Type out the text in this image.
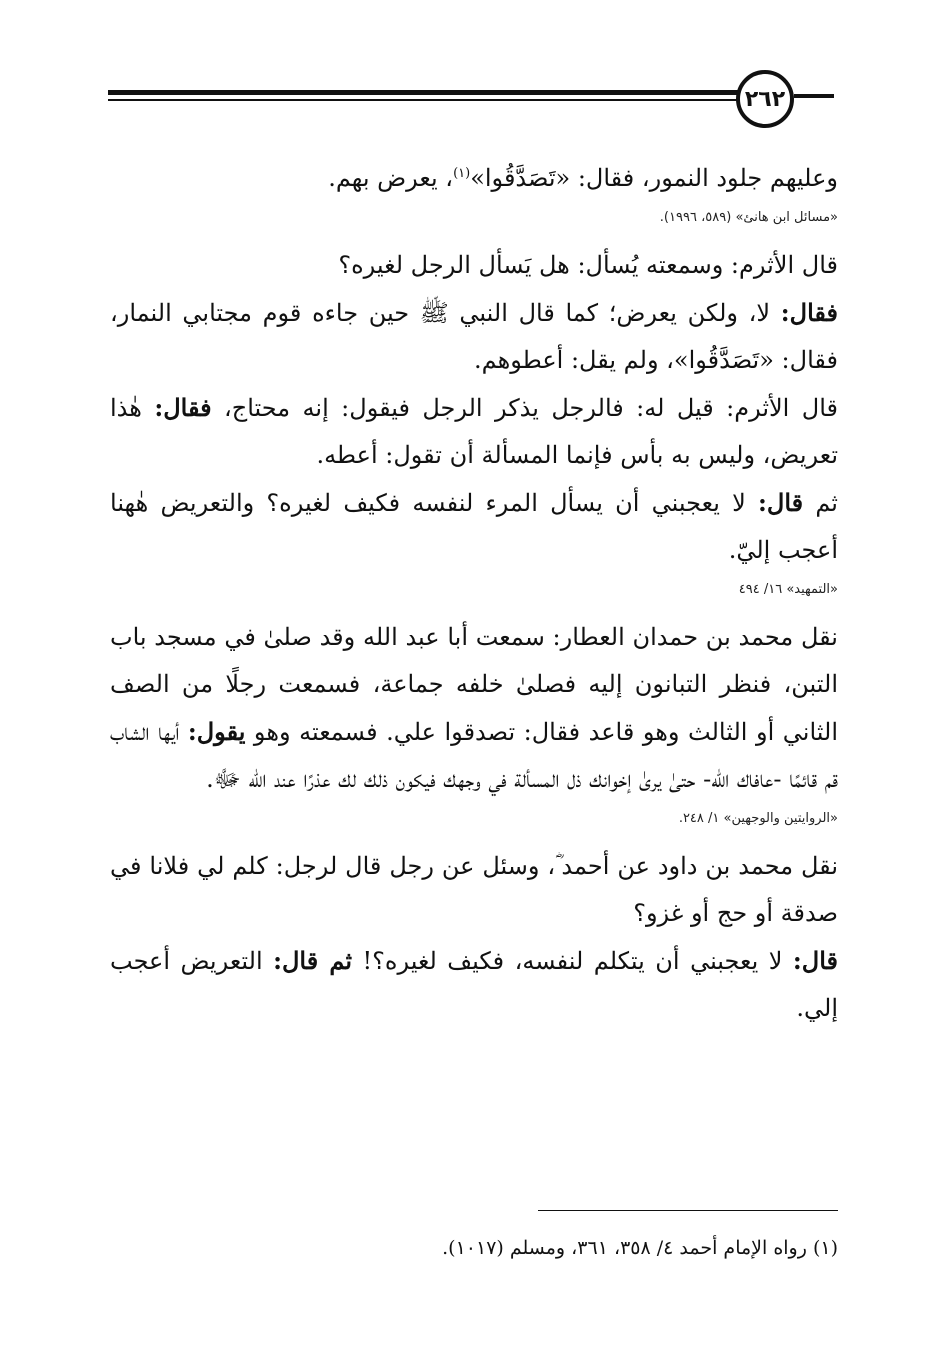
٢٦٢

وعليهم جلود النمور، فقال: «تَصَدَّقُوا»$^{(١)}$، يعرض بهم.

«مسائل ابن هانئ» (٥٨٩، ١٩٩٦).

قال الأثرم: وسمعته يُسأل: هل يَسأل الرجل لغيره؟

فقال: لا، ولكن يعرض؛ كما قال النبي ﷺ حين جاءه قوم مجتابي النمار، فقال: «تَصَدَّقُوا»، ولم يقل: أعطوهم.

قال الأثرم: قيل له: فالرجل يذكر الرجل فيقول: إنه محتاج، فقال: هٰذا تعريض، وليس به بأس فإنما المسألة أن تقول: أعطه.

ثم قال: لا يعجبني أن يسأل المرء لنفسه فكيف لغيره؟ والتعريض هٰهنا أعجب إليّ.

«التمهيد» ١٦/ ٤٩٤

نقل محمد بن حمدان العطار: سمعت أبا عبد الله وقد صلىٰ في مسجد باب التبن، فنظر التبانون إليه فصلىٰ خلفه جماعة، فسمعت رجلًا من الصف الثاني أو الثالث وهو قاعد فقال: تصدقوا علي. فسمعته وهو يقول: أيها الشاب قم قائمًا -عافاك الله- حتىٰ يرىٰ إخوانك ذل المسألة في وجهك فيكون ذلك لك عذرًا عند الله ﷻ.

«الروايتين والوجهين» ١/ ٢٤٨.

نقل محمد بن داود عن أحمد ؓ، وسئل عن رجل قال لرجل: كلم لي فلانا في صدقة أو حج أو غزو؟

قال: لا يعجبني أن يتكلم لنفسه، فكيف لغيره؟! ثم قال: التعريض أعجب إلي.

(١) رواه الإمام أحمد ٤/ ٣٥٨، ٣٦١، ومسلم (١٠١٧).
